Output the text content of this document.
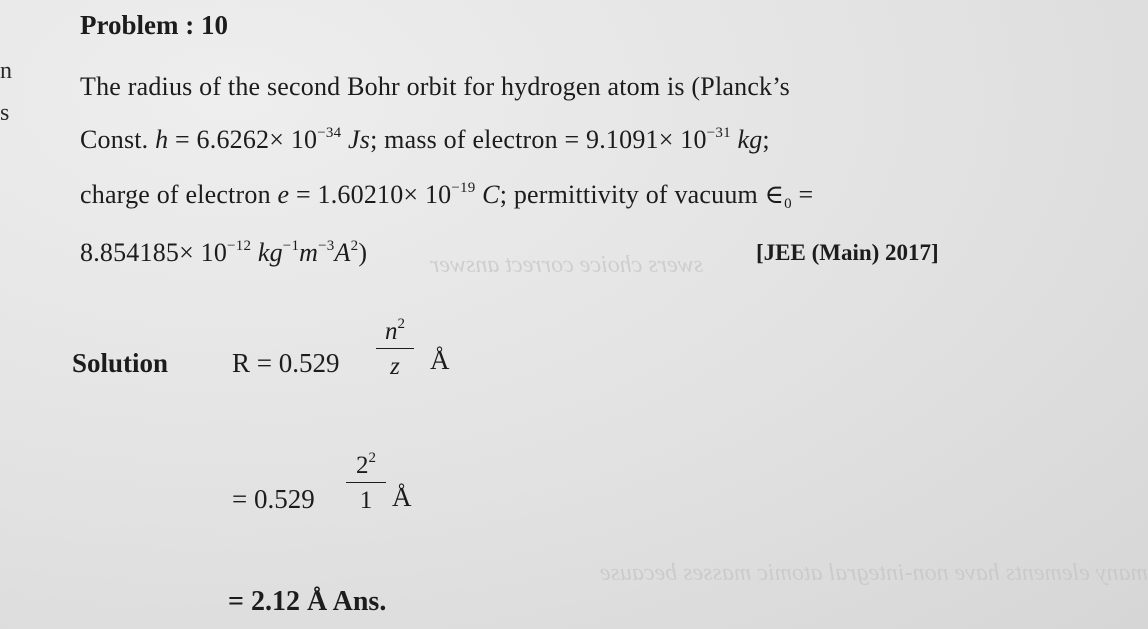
n
s
swers choice correct answer
many elements have non-integral atomic masses because
Problem : 10
The radius of the second Bohr orbit for hydrogen atom is (Planck’s
Const. $h = 6.6262\times 10^{-34}$ Js; mass of electron = $9.1091\times 10^{-31}$ kg;
charge of electron $e = 1.60210\times 10^{-19}$ C; permittivity of vacuum $\in_0$ =
$8.854185\times 10^{-12}$ $kg^{-1}m^{-3}A^2$)	[JEE (Main) 2017]
Solution R = 0.529
$n^2$
z	Å
= 0.529
$2^2$
1 Å
= 2.12 Å Ans.
